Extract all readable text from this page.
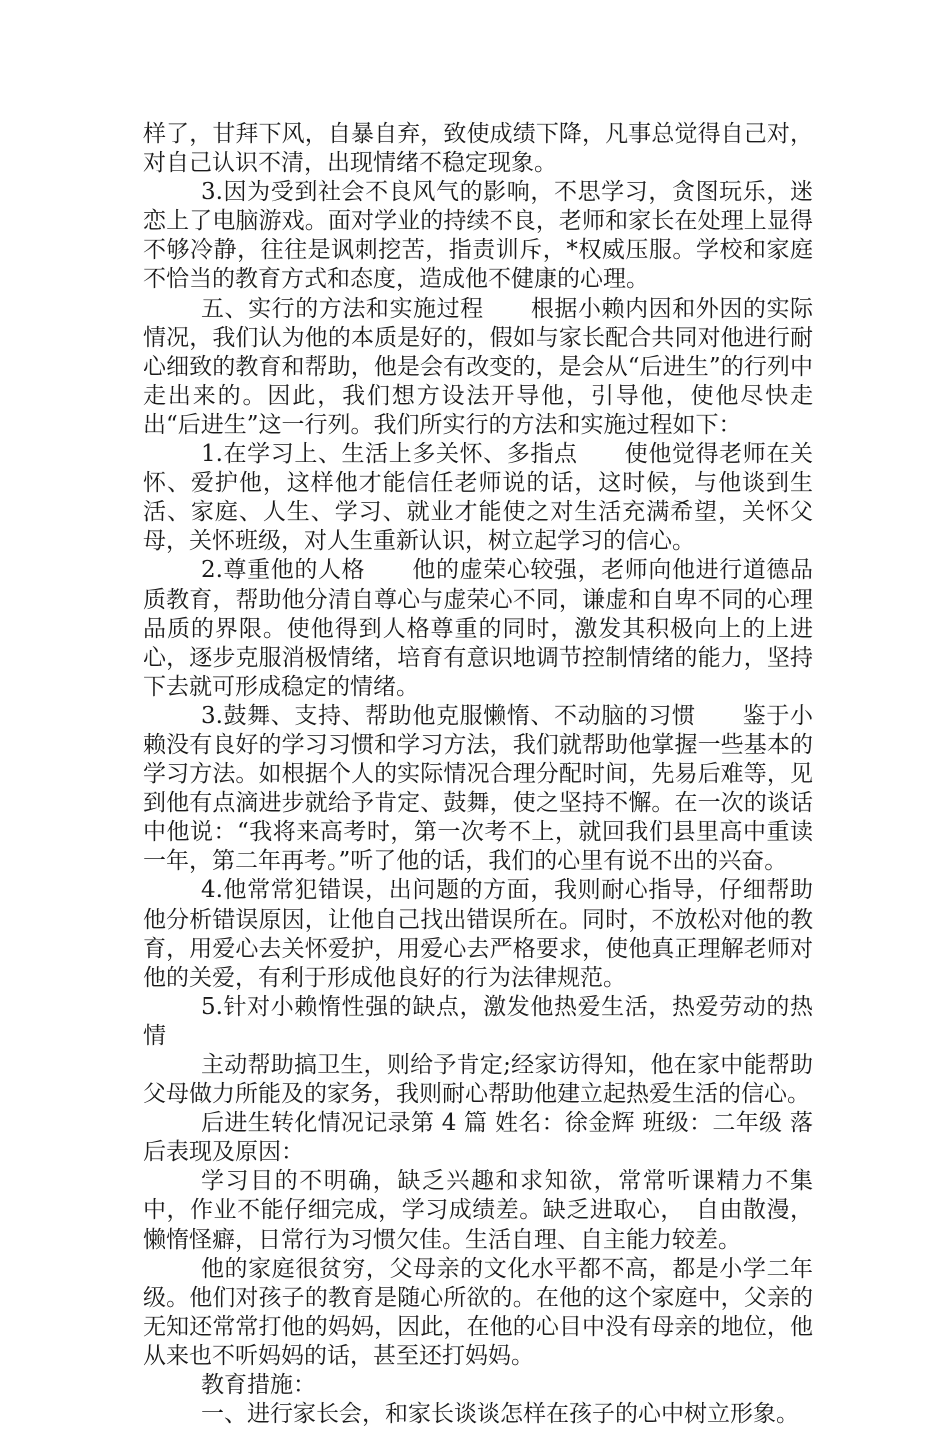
样了，甘拜下风，自暴自弃，致使成绩下降，凡事总觉得自己对，对自己认识不清，出现情绪不稳定现象。

3.因为受到社会不良风气的影响，不思学习，贪图玩乐，迷恋上了电脑游戏。面对学业的持续不良，老师和家长在处理上显得不够冷静，往往是讽刺挖苦，指责训斥，*权威压服。学校和家庭不恰当的教育方式和态度，造成他不健康的心理。

五、实行的方法和实施过程　　根据小赖内因和外因的实际情况，我们认为他的本质是好的，假如与家长配合共同对他进行耐心细致的教育和帮助，他是会有改变的，是会从“后进生”的行列中走出来的。因此，我们想方设法开导他，引导他，使他尽快走出“后进生”这一行列。我们所实行的方法和实施过程如下：

1.在学习上、生活上多关怀、多指点　　使他觉得老师在关怀、爱护他，这样他才能信任老师说的话，这时候，与他谈到生活、家庭、人生、学习、就业才能使之对生活充满希望，关怀父母，关怀班级，对人生重新认识，树立起学习的信心。

2.尊重他的人格　　他的虚荣心较强，老师向他进行道德品质教育，帮助他分清自尊心与虚荣心不同，谦虚和自卑不同的心理品质的界限。使他得到人格尊重的同时，激发其积极向上的上进心，逐步克服消极情绪，培育有意识地调节控制情绪的能力，坚持下去就可形成稳定的情绪。

3.鼓舞、支持、帮助他克服懒惰、不动脑的习惯　　鉴于小赖没有良好的学习习惯和学习方法，我们就帮助他掌握一些基本的学习方法。如根据个人的实际情况合理分配时间，先易后难等，见到他有点滴进步就给予肯定、鼓舞，使之坚持不懈。在一次的谈话中他说：“我将来高考时，第一次考不上，就回我们县里高中重读一年，第二年再考。”听了他的话，我们的心里有说不出的兴奋。

4.他常常犯错误，出问题的方面，我则耐心指导，仔细帮助他分析错误原因，让他自己找出错误所在。同时，不放松对他的教育，用爱心去关怀爱护，用爱心去严格要求，使他真正理解老师对他的关爱，有利于形成他良好的行为法律规范。

5.针对小赖惰性强的缺点，激发他热爱生活，热爱劳动的热情

主动帮助搞卫生，则给予肯定;经家访得知，他在家中能帮助父母做力所能及的家务，我则耐心帮助他建立起热爱生活的信心。

后进生转化情况记录第 4 篇 姓名：徐金辉 班级：二年级 落后表现及原因：

学习目的不明确，缺乏兴趣和求知欲，常常听课精力不集中，作业不能仔细完成，学习成绩差。缺乏进取心，　自由散漫，懒惰怪癖，日常行为习惯欠佳。生活自理、自主能力较差。

他的家庭很贫穷，父母亲的文化水平都不高，都是小学二年级。他们对孩子的教育是随心所欲的。在他的这个家庭中，父亲的无知还常常打他的妈妈，因此，在他的心目中没有母亲的地位，他从来也不听妈妈的话，甚至还打妈妈。

教育措施：

一、进行家长会，和家长谈谈怎样在孩子的心中树立形象。
